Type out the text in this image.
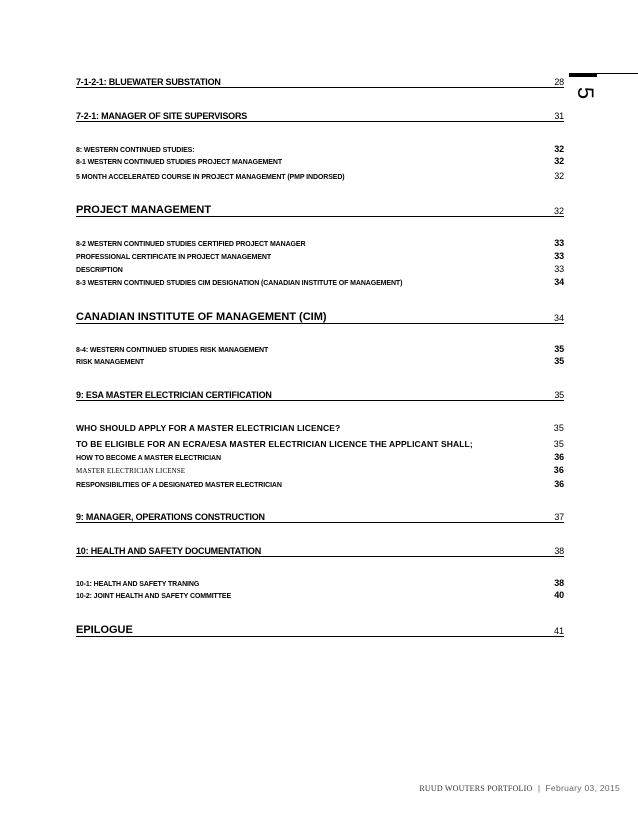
5
7-1-2-1: BLUEWATER SUBSTATION	28
7-2-1: MANAGER OF SITE SUPERVISORS	31
8: WESTERN CONTINUED STUDIES:	32
8-1 WESTERN CONTINUED STUDIES PROJECT MANAGEMENT	32
5 MONTH ACCELERATED COURSE IN PROJECT MANAGEMENT (PMP INDORSED)	32
PROJECT MANAGEMENT	32
8-2 WESTERN CONTINUED STUDIES CERTIFIED PROJECT MANAGER	33
PROFESSIONAL CERTIFICATE IN PROJECT MANAGEMENT	33
DESCRIPTION	33
8-3 WESTERN CONTINUED STUDIES CIM DESIGNATION (CANADIAN INSTITUTE OF MANAGEMENT)	34
CANADIAN INSTITUTE OF MANAGEMENT (CIM)	34
8-4: WESTERN CONTINUED STUDIES RISK MANAGEMENT	35
RISK MANAGEMENT	35
9: ESA MASTER ELECTRICIAN CERTIFICATION	35
WHO SHOULD APPLY FOR A MASTER ELECTRICIAN LICENCE?	35
TO BE ELIGIBLE FOR AN ECRA/ESA MASTER ELECTRICIAN LICENCE THE APPLICANT SHALL;	35
HOW TO BECOME A MASTER ELECTRICIAN	36
MASTER ELECTRICIAN LICENSE	36
RESPONSIBILITIES OF A DESIGNATED MASTER ELECTRICIAN	36
9: MANAGER, OPERATIONS CONSTRUCTION	37
10: HEALTH AND SAFETY DOCUMENTATION	38
10-1: HEALTH AND SAFETY TRANING	38
10-2: JOINT HEALTH AND SAFETY COMMITTEE	40
EPILOGUE	41
RUUD WOUTERS PORTFOLIO | February 03, 2015
